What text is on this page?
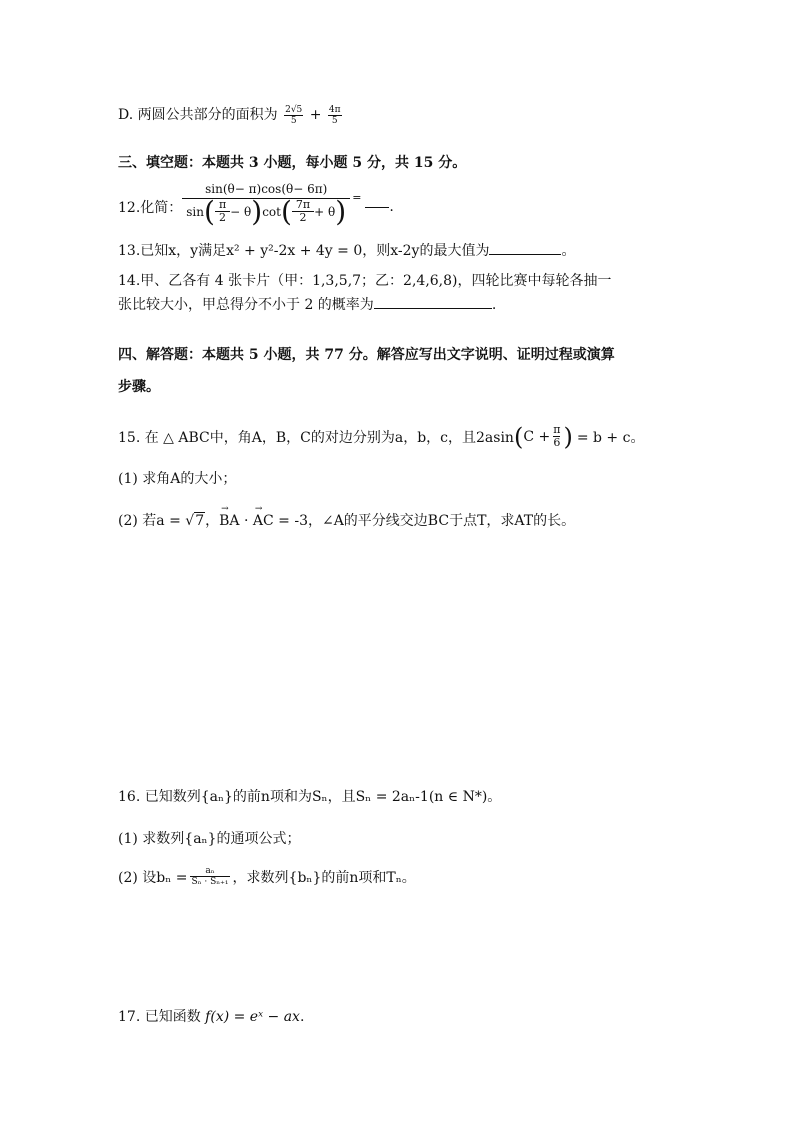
D. 两圆公共部分的面积为 $\frac{2√5}{5} + \frac{4\pi}{5}$
三、填空题：本题共 3 小题，每小题 5 分，共 15 分。
12.化简：
sin(θ− π)cos(θ− 6π)
sin ( $\frac{\pi}{2} - \theta$ ) cot ( $\frac{7\pi}{2} + \theta$ ) =
.
13.已知x，y满足x² + y²-2x + 4y = 0，则x-2y的最大值为	。
14.甲、乙各有 4 张卡片（甲：1,3,5,7；乙：2,4,6,8)，四轮比赛中每轮各抽一
张比较大小，甲总得分不小于 2 的概率为	.
四、解答题：本题共 5 小题，共 77 分。解答应写出文字说明、证明过程或演算
步骤。
15. 在 △ ABC中，角A，B，C的对边分别为a，b，c，且2asin ( $C + \frac{\pi}{6}$ ) = b + c。
(1) 求角A的大小；
(2) 若a = √7，→ BA · → AC = -3，∠A的平分线交边BC于点T，求AT的长。
16. 已知数列{aₙ}的前n项和为Sₙ，且Sₙ = 2aₙ-1(n ∈ N*)。
(1) 求数列{aₙ}的通项公式；
(2) 设$b_n = \frac{\text{aₙ}}{\text{Sₙ · Sₙ₊₁}}$ ，求数列{bₙ}的前n项和Tₙ。
17. 已知函数 f(x) = eˣ − ax.
